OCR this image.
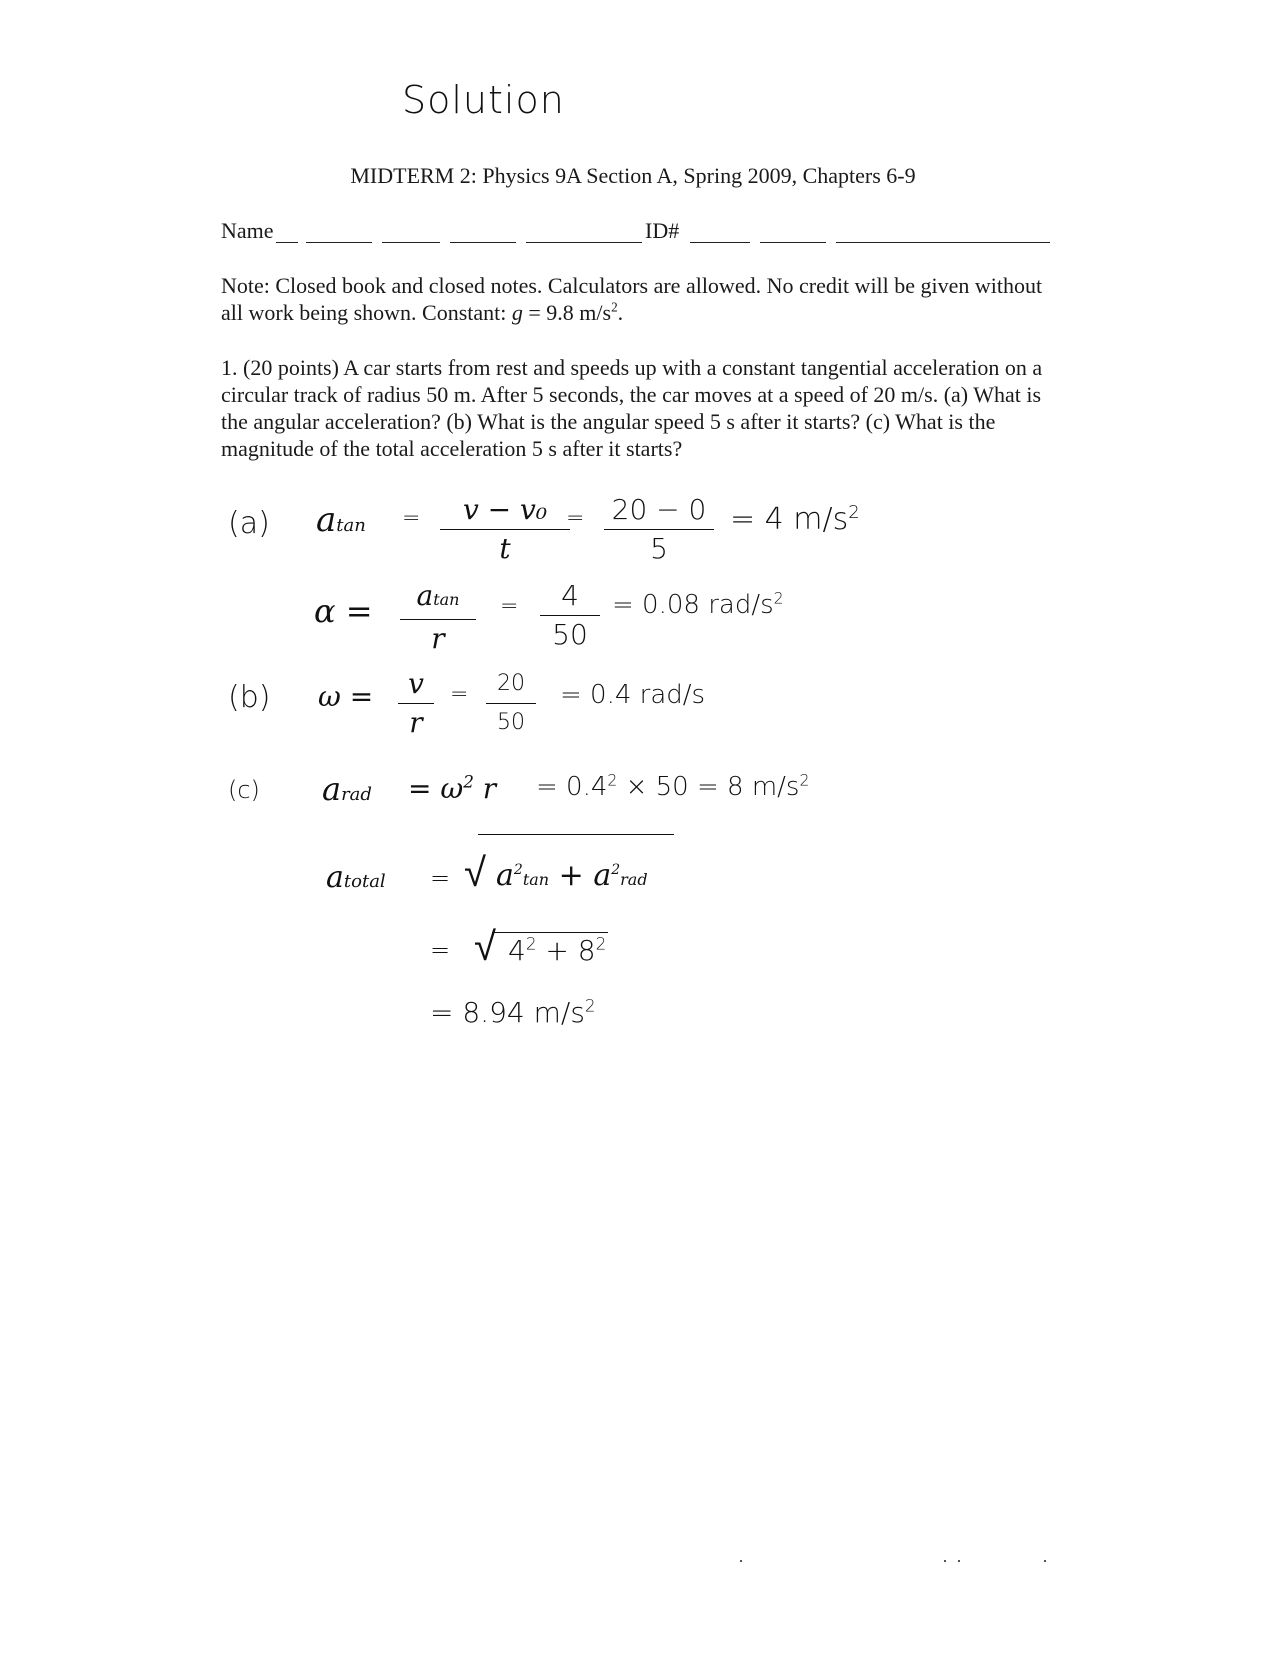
Solution
MIDTERM 2: Physics 9A Section A, Spring 2009, Chapters 6-9
Name	ID#
Note: Closed book and closed notes. Calculators are allowed. No credit will be given without all work being shown. Constant: g = 9.8 $m/s^2$.
1. (20 points) A car starts from rest and speeds up with a constant tangential acceleration on a circular track of radius 50 m. After 5 seconds, the car moves at a speed of 20 m/s. (a) What is the angular acceleration? (b) What is the angular speed 5 s after it starts? (c) What is the magnitude of the total acceleration 5 s after it starts?
(a) atan =	v − v₀
t
= 20 − 0
5
= 4 $m/s^2$
α =	atan
r
=	4
50
= 0.08 rad/$s^2$
(b) ω =	v
r
=	20
50
= 0.4 rad/s
(c) arad = $\omega^2$ $r = 0.4^2 \times 50 = 8$ $m/s^2$
atotal = √ $a^2\tan + a^2rad$
= √ $4^2 + 8^2$
= 8.94 $m/s^2$
